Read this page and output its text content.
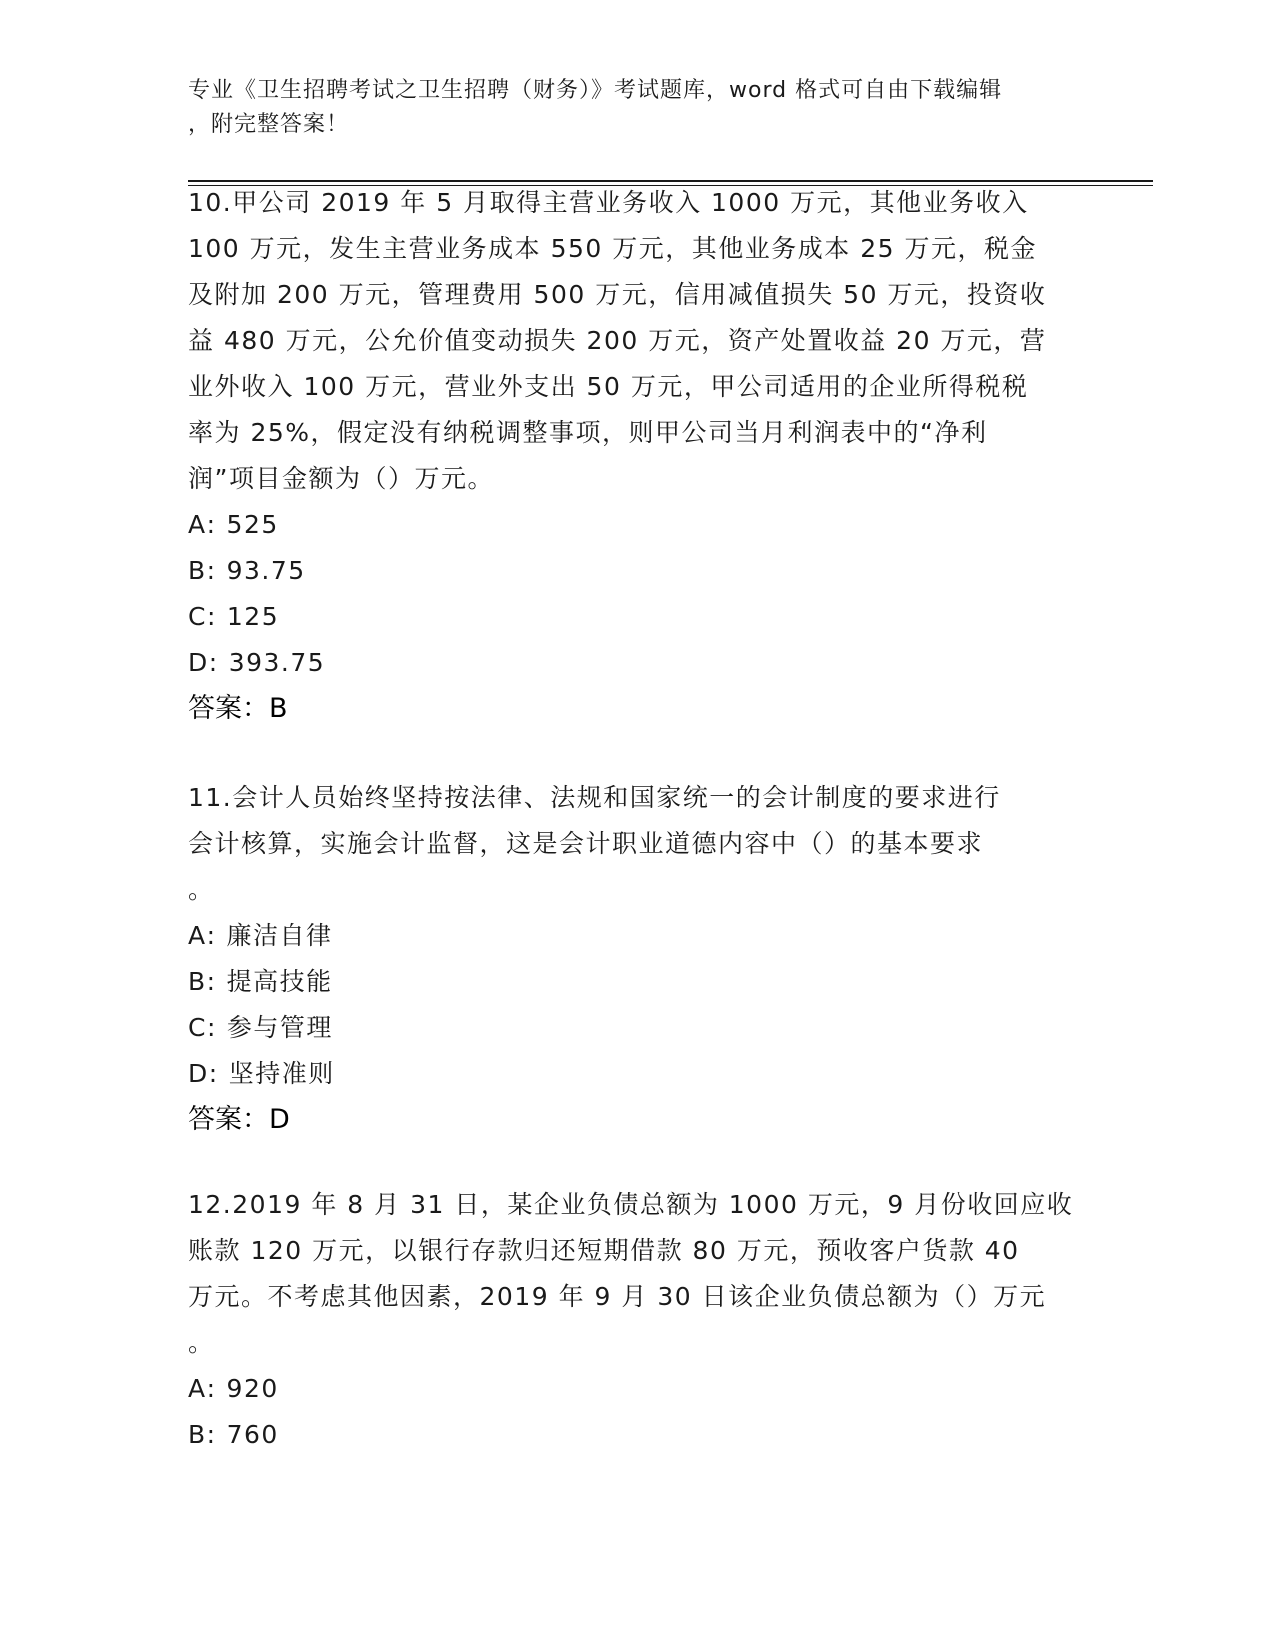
专业《卫生招聘考试之卫生招聘（财务）》考试题库，word 格式可自由下载编辑
，附完整答案！
10.甲公司 2019 年 5 月取得主营业务收入 1000 万元，其他业务收入
100 万元，发生主营业务成本 550 万元，其他业务成本 25 万元，税金
及附加 200 万元，管理费用 500 万元，信用减值损失 50 万元，投资收
益 480 万元，公允价值变动损失 200 万元，资产处置收益 20 万元，营
业外收入 100 万元，营业外支出 50 万元，甲公司适用的企业所得税税
率为 25%，假定没有纳税调整事项，则甲公司当月利润表中的“净利
润”项目金额为（）万元。
A: 525
B: 93.75
C: 125
D: 393.75
答案：B
11.会计人员始终坚持按法律、法规和国家统一的会计制度的要求进行
会计核算，实施会计监督，这是会计职业道德内容中（）的基本要求
。
A: 廉洁自律
B: 提高技能
C: 参与管理
D: 坚持准则
答案：D
12.2019 年 8 月 31 日，某企业负债总额为 1000 万元，9 月份收回应收
账款 120 万元，以银行存款归还短期借款 80 万元，预收客户货款 40
万元。不考虑其他因素，2019 年 9 月 30 日该企业负债总额为（）万元
。
A: 920
B: 760
